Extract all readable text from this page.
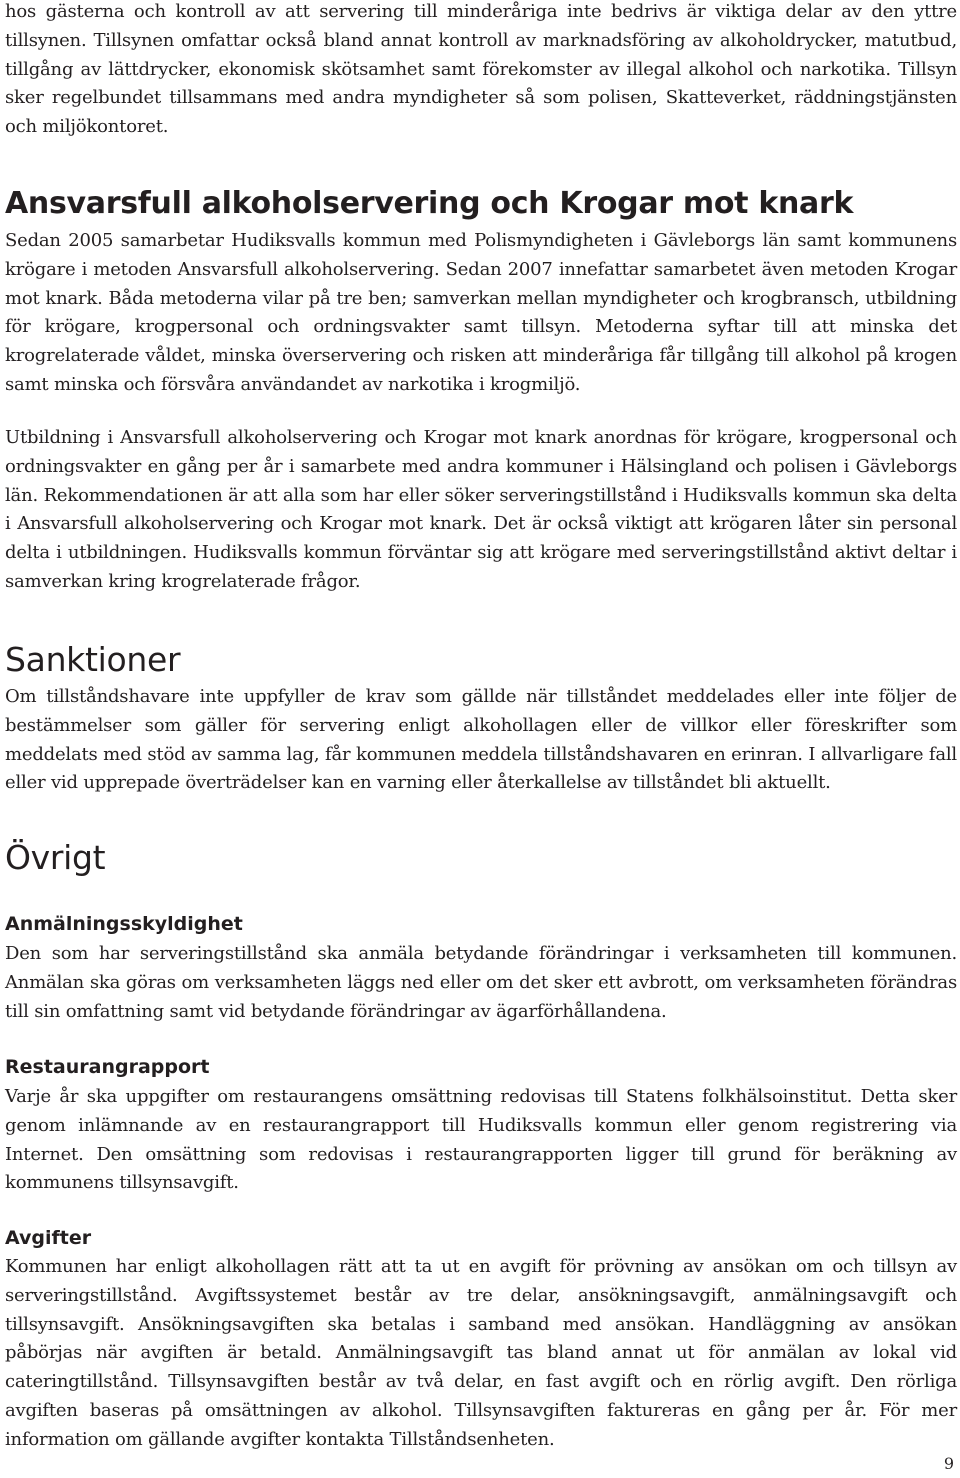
hos gästerna och kontroll av att servering till minderåriga inte bedrivs är viktiga delar av den yttre tillsynen. Tillsynen omfattar också bland annat kontroll av marknadsföring av alkoholdrycker, matutbud, tillgång av lättdrycker, ekonomisk skötsamhet samt förekomster av illegal alkohol och narkotika. Tillsyn sker regelbundet tillsammans med andra myndigheter så som polisen, Skatteverket, räddningstjänsten och miljökontoret.

Ansvarsfull alkoholservering och Krogar mot knark

Sedan 2005 samarbetar Hudiksvalls kommun med Polismyndigheten i Gävleborgs län samt kommunens krögare i metoden Ansvarsfull alkoholservering. Sedan 2007 innefattar samarbetet även metoden Krogar mot knark. Båda metoderna vilar på tre ben; samverkan mellan myndigheter och krogbransch, utbildning för krögare, krogpersonal och ordningsvakter samt tillsyn. Metoderna syftar till att minska det krogrelaterade våldet, minska överservering och risken att minderåriga får tillgång till alkohol på krogen samt minska och försvåra användandet av narkotika i krogmiljö.

Utbildning i Ansvarsfull alkoholservering och Krogar mot knark anordnas för krögare, krogpersonal och ordningsvakter en gång per år i samarbete med andra kommuner i Hälsingland och polisen i Gävleborgs län. Rekommendationen är att alla som har eller söker serveringstillstånd i Hudiksvalls kommun ska delta i Ansvarsfull alkoholservering och Krogar mot knark. Det är också viktigt att krögaren låter sin personal delta i utbildningen. Hudiksvalls kommun förväntar sig att krögare med serveringstillstånd aktivt deltar i samverkan kring krogrelaterade frågor.

Sanktioner

Om tillståndshavare inte uppfyller de krav som gällde när tillståndet meddelades eller inte följer de bestämmelser som gäller för servering enligt alkohollagen eller de villkor eller föreskrifter som meddelats med stöd av samma lag, får kommunen meddela tillståndshavaren en erinran. I allvarligare fall eller vid upprepade överträdelser kan en varning eller återkallelse av tillståndet bli aktuellt.

Övrigt
Anmälningsskyldighet

Den som har serveringstillstånd ska anmäla betydande förändringar i verksamheten till kommunen. Anmälan ska göras om verksamheten läggs ned eller om det sker ett avbrott, om verksamheten förändras till sin omfattning samt vid betydande förändringar av ägarförhållandena.

Restaurangrapport

Varje år ska uppgifter om restaurangens omsättning redovisas till Statens folkhälsoinstitut. Detta sker genom inlämnande av en restaurangrapport till Hudiksvalls kommun eller genom registrering via Internet. Den omsättning som redovisas i restaurangrapporten ligger till grund för beräkning av kommunens tillsynsavgift.

Avgifter

Kommunen har enligt alkohollagen rätt att ta ut en avgift för prövning av ansökan om och tillsyn av serveringstillstånd. Avgiftssystemet består av tre delar, ansökningsavgift, anmälningsavgift och tillsynsavgift. Ansökningsavgiften ska betalas i samband med ansökan. Handläggning av ansökan påbörjas när avgiften är betald. Anmälningsavgift tas bland annat ut för anmälan av lokal vid cateringtillstånd. Tillsynsavgiften består av två delar, en fast avgift och en rörlig avgift. Den rörliga avgiften baseras på omsättningen av alkohol. Tillsynsavgiften faktureras en gång per år. För mer information om gällande avgifter kontakta Tillståndsenheten.

9
